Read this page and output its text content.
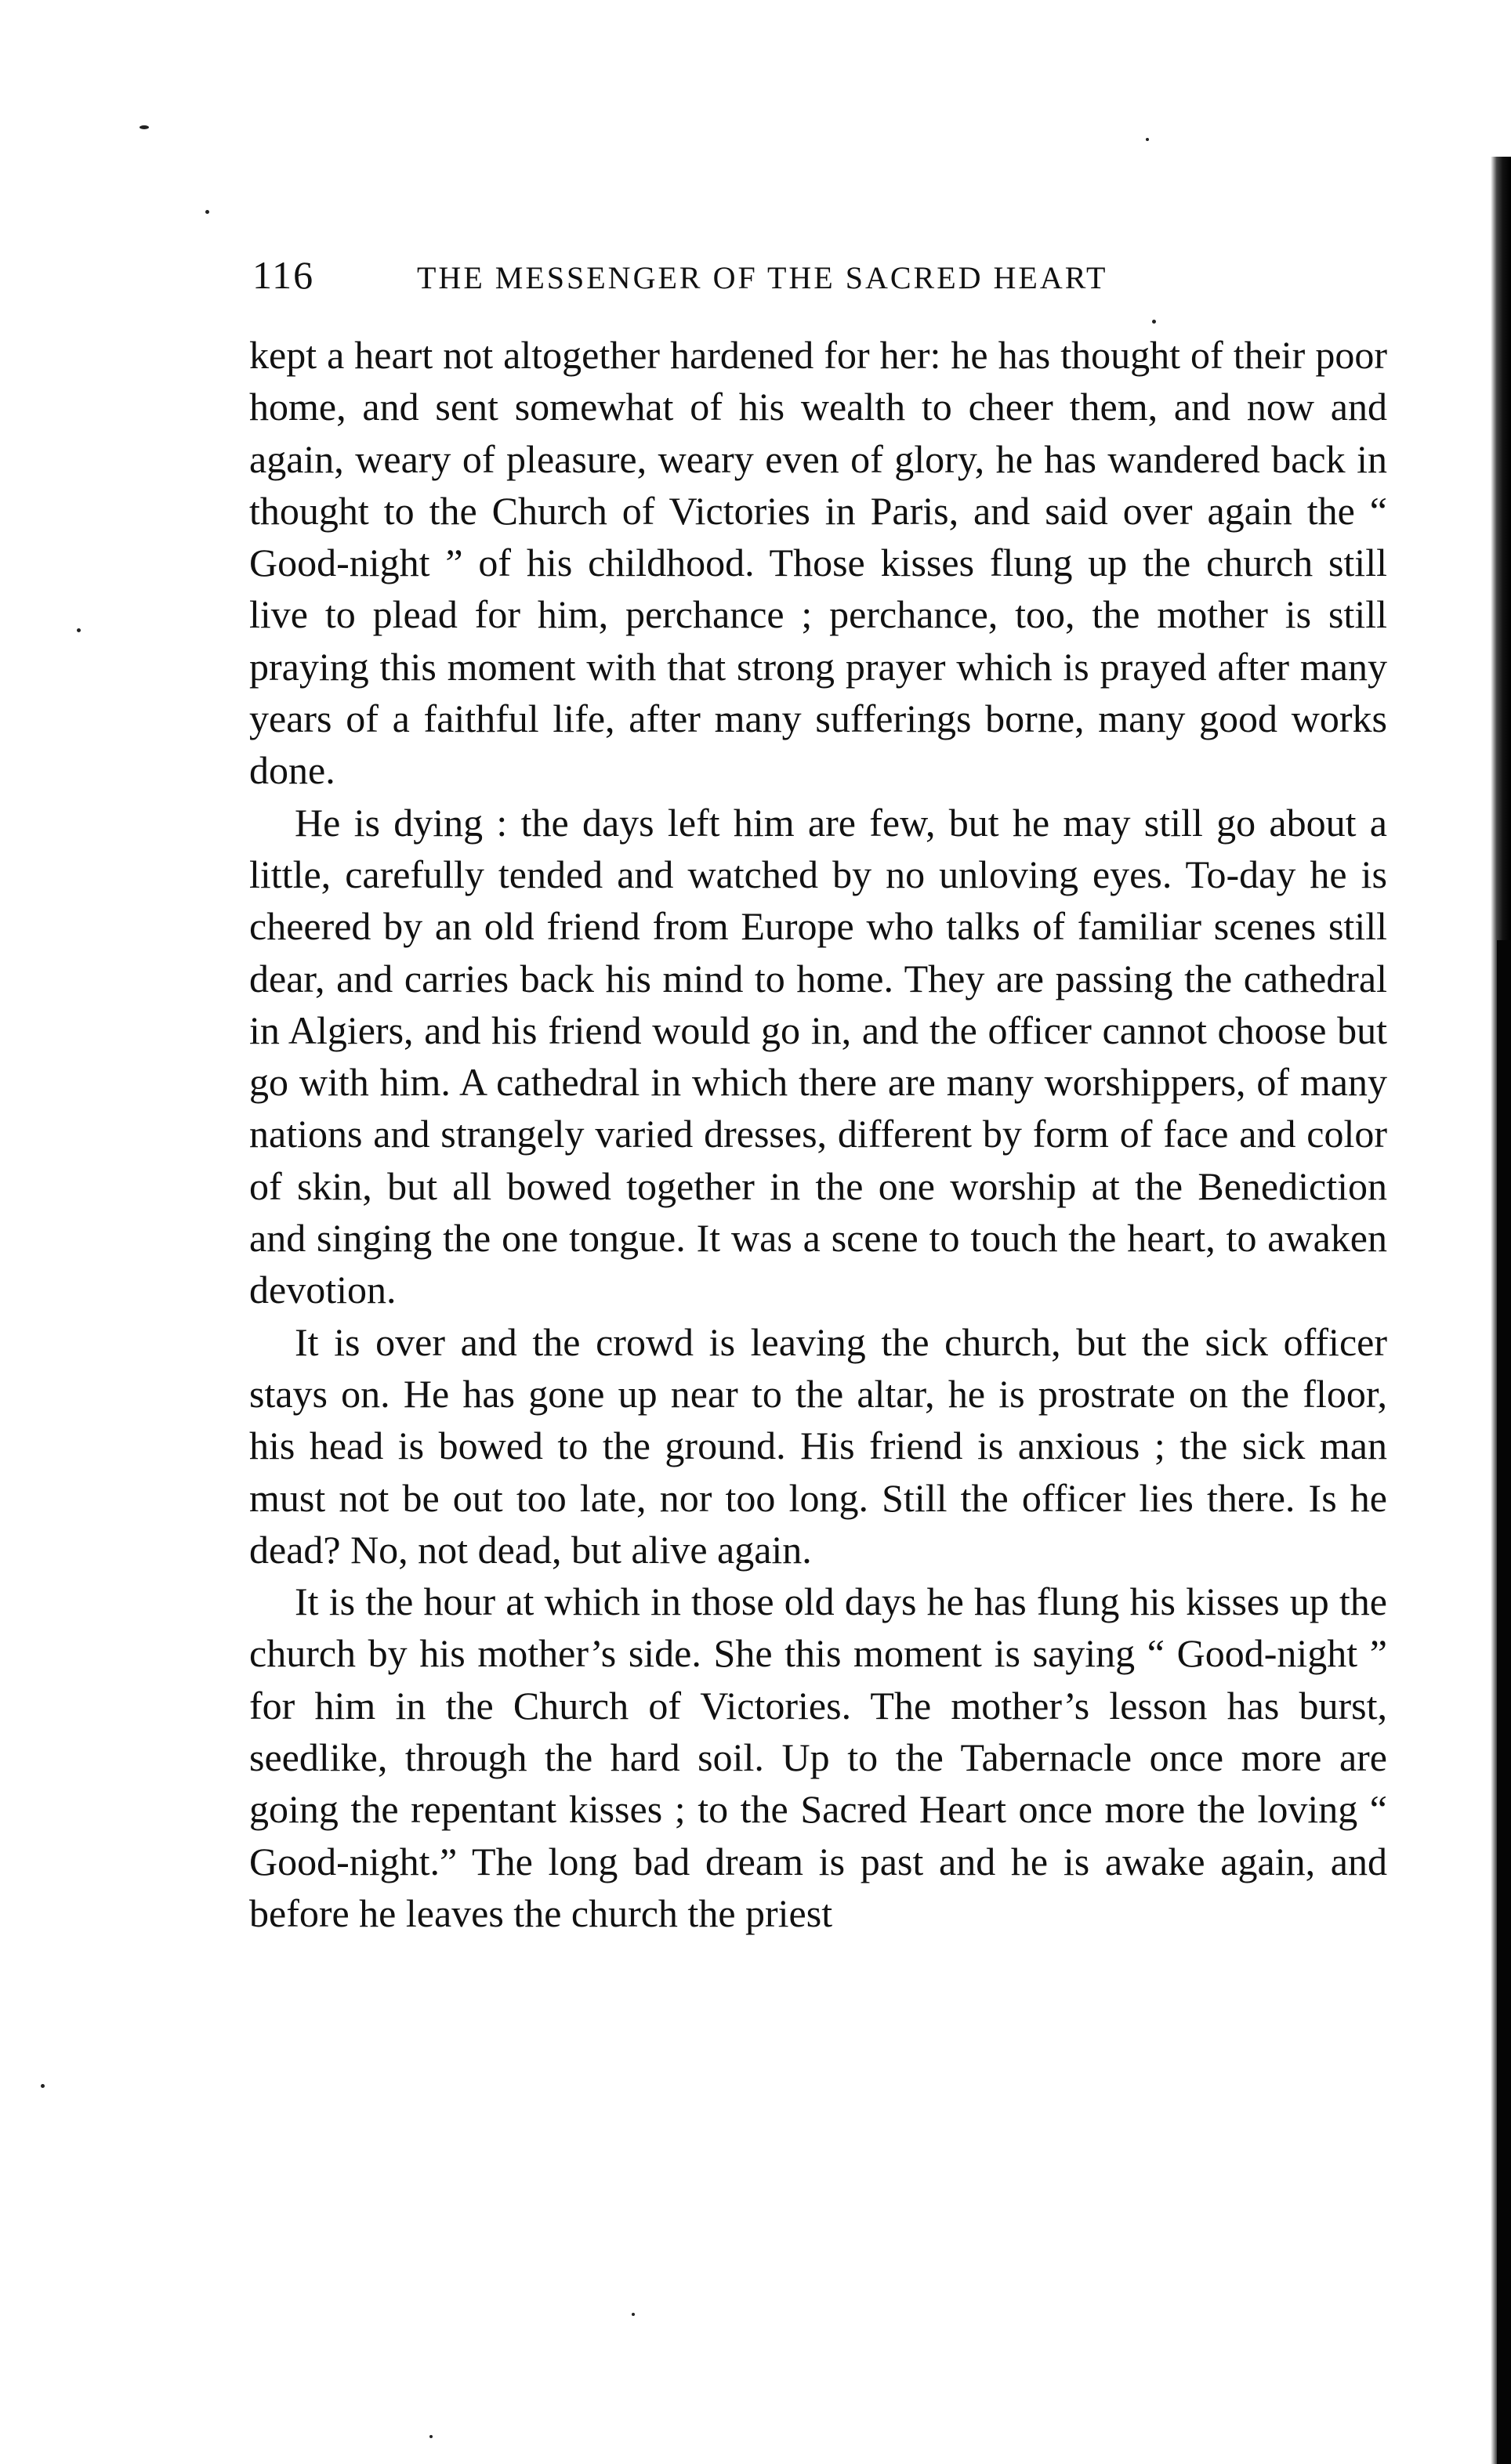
116	THE MESSENGER OF THE SACRED HEART

kept a heart not altogether hardened for her: he has thought of their poor home, and sent somewhat of his wealth to cheer them, and now and again, weary of pleasure, weary even of glory, he has wandered back in thought to the Church of Victories in Paris, and said over again the “ Good-night ” of his childhood. Those kisses flung up the church still live to plead for him, perchance ; perchance, too, the mother is still praying this moment with that strong prayer which is prayed after many years of a faithful life, after many sufferings borne, many good works done.

He is dying : the days left him are few, but he may still go about a little, carefully tended and watched by no unloving eyes. To-day he is cheered by an old friend from Europe who talks of familiar scenes still dear, and carries back his mind to home. They are passing the cathedral in Algiers, and his friend would go in, and the officer cannot choose but go with him. A cathedral in which there are many worshippers, of many nations and strangely varied dresses, different by form of face and color of skin, but all bowed together in the one worship at the Benediction and singing the one tongue. It was a scene to touch the heart, to awaken devotion.

It is over and the crowd is leaving the church, but the sick officer stays on. He has gone up near to the altar, he is prostrate on the floor, his head is bowed to the ground. His friend is anxious ; the sick man must not be out too late, nor too long. Still the officer lies there. Is he dead? No, not dead, but alive again.

It is the hour at which in those old days he has flung his kisses up the church by his mother’s side. She this moment is saying “ Good-night ” for him in the Church of Victories. The mother’s lesson has burst, seedlike, through the hard soil. Up to the Tabernacle once more are going the repentant kisses ; to the Sacred Heart once more the loving “ Good-night.” The long bad dream is past and he is awake again, and before he leaves the church the priest
